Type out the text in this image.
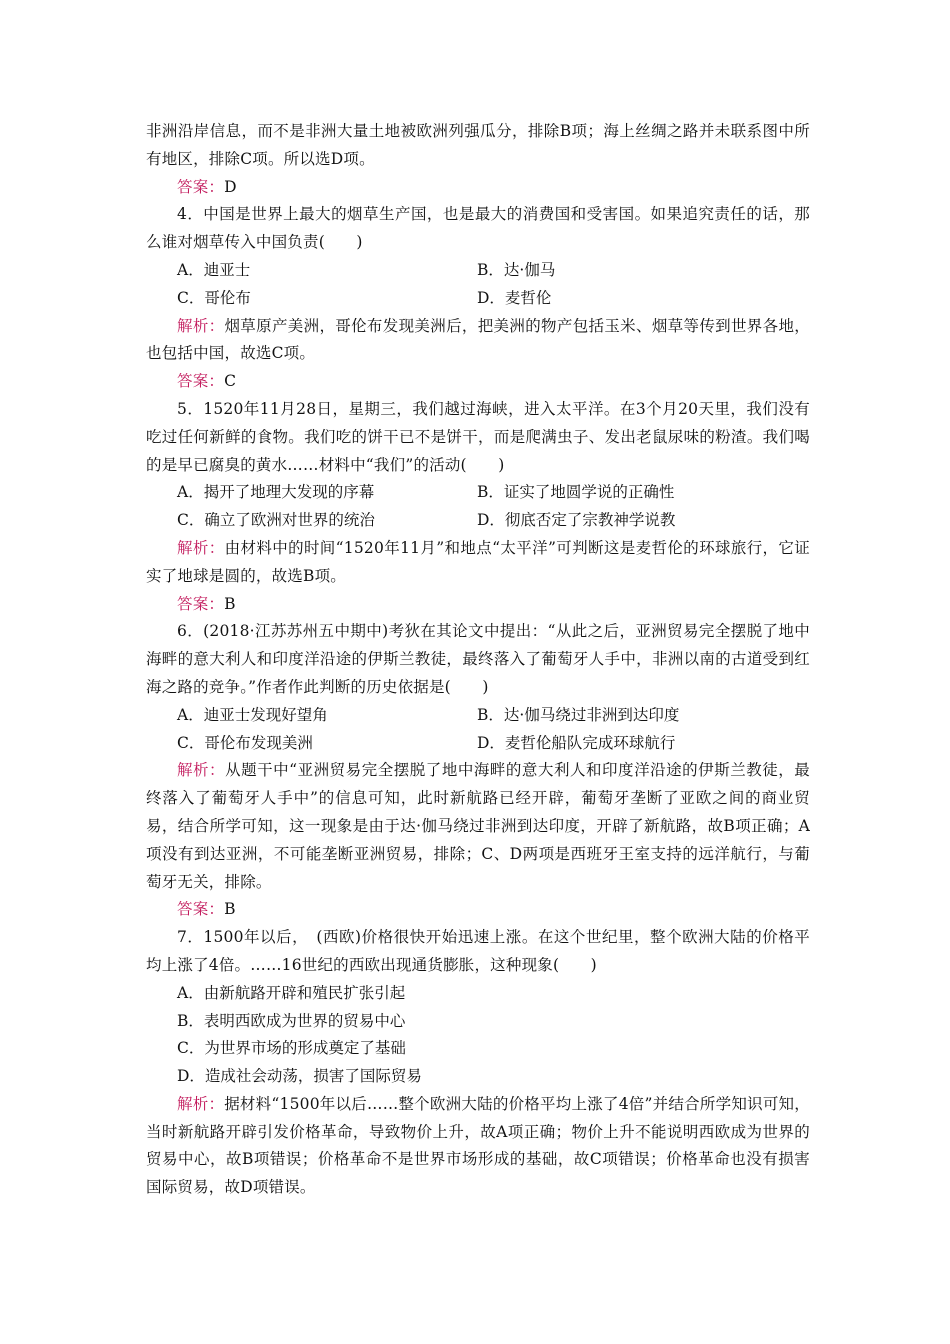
非洲沿岸信息，而不是非洲大量土地被欧洲列强瓜分，排除B项；海上丝绸之路并未联系图中所有地区，排除C项。所以选D项。

答案：D

4．中国是世界上最大的烟草生产国，也是最大的消费国和受害国。如果追究责任的话，那么谁对烟草传入中国负责(　　)

A．迪亚士	B．达·伽马
C．哥伦布	D．麦哲伦

解析：烟草原产美洲，哥伦布发现美洲后，把美洲的物产包括玉米、烟草等传到世界各地，也包括中国，故选C项。

答案：C

5．1520年11月28日，星期三，我们越过海峡，进入太平洋。在3个月20天里，我们没有吃过任何新鲜的食物。我们吃的饼干已不是饼干，而是爬满虫子、发出老鼠尿味的粉渣。我们喝的是早已腐臭的黄水……材料中“我们”的活动(　　)

A．揭开了地理大发现的序幕	B．证实了地圆学说的正确性
C．确立了欧洲对世界的统治	D．彻底否定了宗教神学说教

解析：由材料中的时间“1520年11月”和地点“太平洋”可判断这是麦哲伦的环球旅行，它证实了地球是圆的，故选B项。

答案：B

6．(2018·江苏苏州五中期中)考狄在其论文中提出：“从此之后，亚洲贸易完全摆脱了地中海畔的意大利人和印度洋沿途的伊斯兰教徒，最终落入了葡萄牙人手中，非洲以南的古道受到红海之路的竞争。”作者作此判断的历史依据是(　　)

A．迪亚士发现好望角	B．达·伽马绕过非洲到达印度
C．哥伦布发现美洲	D．麦哲伦船队完成环球航行

解析：从题干中“亚洲贸易完全摆脱了地中海畔的意大利人和印度洋沿途的伊斯兰教徒，最终落入了葡萄牙人手中”的信息可知，此时新航路已经开辟，葡萄牙垄断了亚欧之间的商业贸易，结合所学可知，这一现象是由于达·伽马绕过非洲到达印度，开辟了新航路，故B项正确；A项没有到达亚洲，不可能垄断亚洲贸易，排除；C、D两项是西班牙王室支持的远洋航行，与葡萄牙无关，排除。

答案：B

7．1500年以后，　(西欧)价格很快开始迅速上涨。在这个世纪里，整个欧洲大陆的价格平均上涨了4倍。……16世纪的西欧出现通货膨胀，这种现象(　　)

A．由新航路开辟和殖民扩张引起
B．表明西欧成为世界的贸易中心
C．为世界市场的形成奠定了基础
D．造成社会动荡，损害了国际贸易

解析：据材料“1500年以后……整个欧洲大陆的价格平均上涨了4倍”并结合所学知识可知，当时新航路开辟引发价格革命，导致物价上升，故A项正确；物价上升不能说明西欧成为世界的贸易中心，故B项错误；价格革命不是世界市场形成的基础，故C项错误；价格革命也没有损害国际贸易，故D项错误。
